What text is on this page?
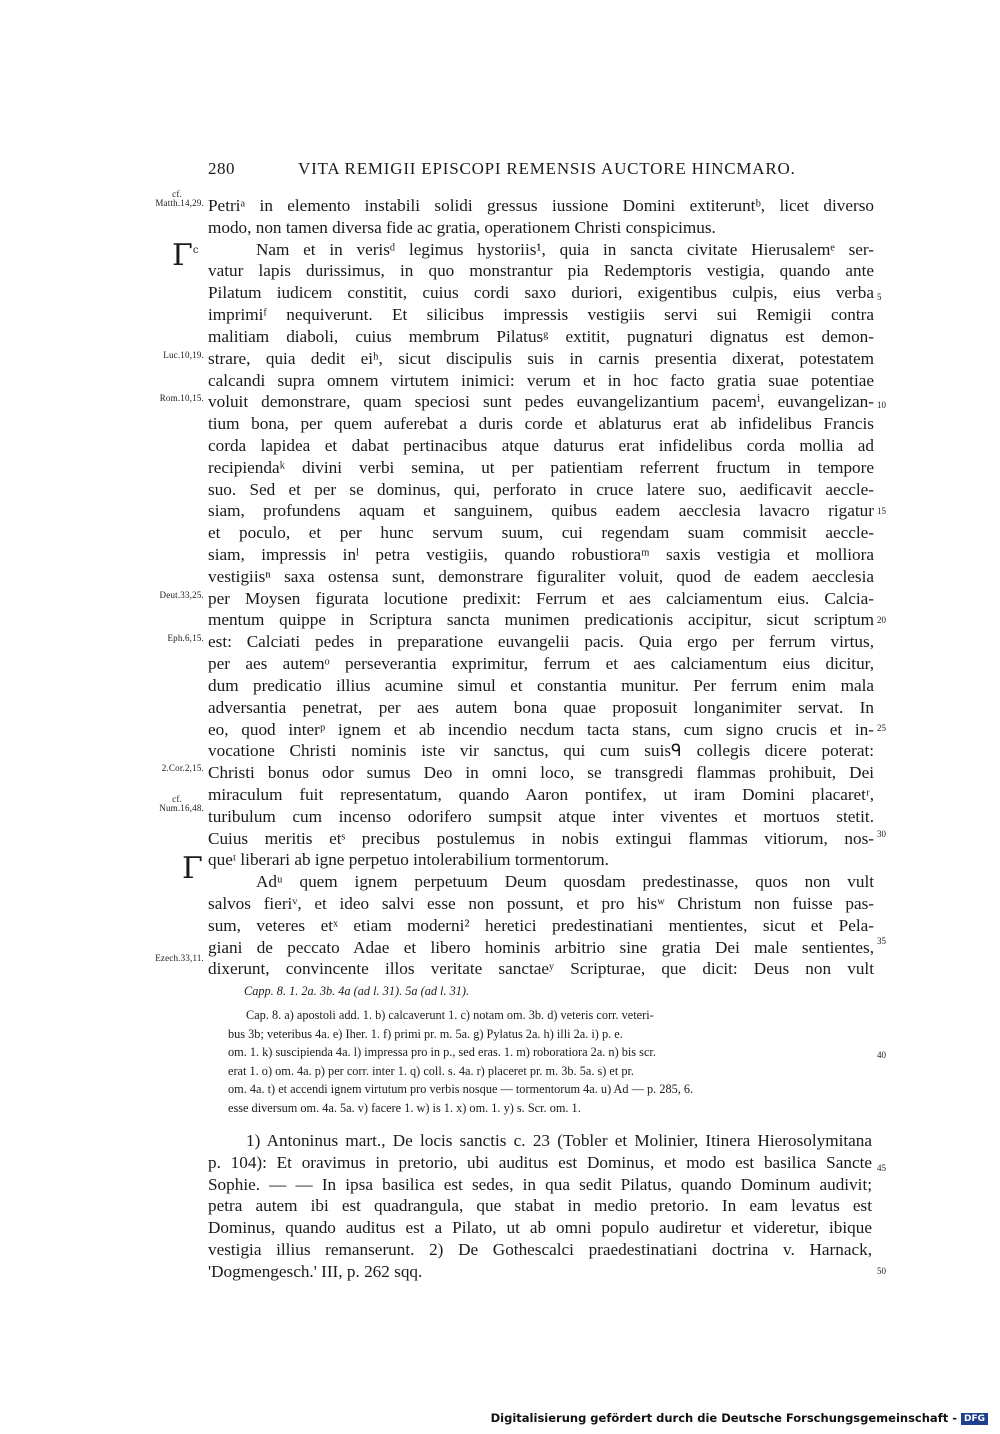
280	VITA REMIGII EPISCOPI REMENSIS AUCTORE HINCMARO.
Petriᵃ in elemento instabili solidi gressus iussione Domini extiteruntᵇ, licet diverso
modo, non tamen diversa fide ac gratia, operationem Christi conspicimus.
Nam et in verisᵈ legimus hystoriis¹, quia in sancta civitate Hierusalemᵉ ser-
vatur lapis durissimus, in quo monstrantur pia Redemptoris vestigia, quando ante
Pilatum iudicem constitit, cuius cordi saxo duriori, exigentibus culpis, eius verba
imprimiᶠ nequiverunt. Et silicibus impressis vestigiis servi sui Remigii contra
malitiam diaboli, cuius membrum Pilatusᵍ extitit, pugnaturi dignatus est demon-
strare, quia dedit eiʰ, sicut discipulis suis in carnis presentia dixerat, potestatem
calcandi supra omnem virtutem inimici: verum et in hoc facto gratia suae potentiae
voluit demonstrare, quam speciosi sunt pedes euvangelizantium pacemⁱ, euvangelizan-
tium bona, per quem auferebat a duris corde et ablaturus erat ab infidelibus Francis
corda lapidea et dabat pertinacibus atque daturus erat infidelibus corda mollia ad
recipiendaᵏ divini verbi semina, ut per patientiam referrent fructum in tempore
suo. Sed et per se dominus, qui, perforato in cruce latere suo, aedificavit aeccle-
siam, profundens aquam et sanguinem, quibus eadem aecclesia lavacro rigatur
et poculo, et per hunc servum suum, cui regendam suam commisit aeccle-
siam, impressis inˡ petra vestigiis, quando robustioraᵐ saxis vestigia et molliora
vestigiisⁿ saxa ostensa sunt, demonstrare figuraliter voluit, quod de eadem aecclesia
per Moysen figurata locutione predixit: Ferrum et aes calciamentum eius. Calcia-
mentum quippe in Scriptura sancta munimen predicationis accipitur, sicut scriptum
est: Calciati pedes in preparatione euvangelii pacis. Quia ergo per ferrum virtus,
per aes autemᵒ perseverantia exprimitur, ferrum et aes calciamentum eius dicitur,
dum predicatio illius acumine simul et constantia munitur. Per ferrum enim mala
adversantia penetrat, per aes autem bona quae proposuit longanimiter servat. In
eo, quod interᵖ ignem et ab incendio necdum tacta stans, cum signo crucis et in-
vocatione Christi nominis iste vir sanctus, qui cum suisᑫ collegis dicere poterat:
Christi bonus odor sumus Deo in omni loco, se transgredi flammas prohibuit, Dei
miraculum fuit representatum, quando Aaron pontifex, ut iram Domini placaretʳ,
turibulum cum incenso odorifero sumpsit atque inter viventes et mortuos stetit.
Cuius meritis etˢ precibus postulemus in nobis extingui flammas vitiorum, nos-
queᵗ liberari ab igne perpetuo intolerabilium tormentorum.
Adᵘ quem ignem perpetuum Deum quosdam predestinasse, quos non vult
salvos fieriᵛ, et ideo salvi esse non possunt, et pro hisʷ Christum non fuisse pas-
sum, veteres etˣ etiam moderni² heretici predestinatiani mentientes, sicut et Pela-
giani de peccato Adae et libero hominis arbitrio sine gratia Dei male sentientes,
dixerunt, convincente illos veritate sanctaeʸ Scripturae, que dicit: Deus non vult
cf.
Matth.14,29.
Luc.10,19.
Rom.10,15.
Deut.33,25.
Eph.6,15.
2.Cor.2,15.
cf.
Num.16,48.
Ezech.33,11.
$\Gamma^c$
Γ
5
10
15
20
25
30
35
40
45
50
Capp. 8. 1. 2a. 3b. 4a (ad l. 31). 5a (ad l. 31).
Cap. 8. a) apostoli add. 1. b) calcaverunt 1. c) notam om. 3b. d) veteris corr. veteri-
bus 3b; veteribus 4a. e) Iher. 1. f) primi pr. m. 5a. g) Pylatus 2a. h) illi 2a. i) p. e.
om. 1. k) suscipienda 4a. l) impressa pro in p., sed eras. 1. m) roboratiora 2a. n) bis scr.
erat 1. o) om. 4a. p) per corr. inter 1. q) coll. s. 4a. r) placeret pr. m. 3b. 5a. s) et pr.
om. 4a. t) et accendi ignem virtutum pro verbis nosque — tormentorum 4a. u) Ad — p. 285, 6.
esse diversum om. 4a. 5a. v) facere 1. w) is 1. x) om. 1. y) s. Scr. om. 1.
1) Antoninus mart., De locis sanctis c. 23 (Tobler et Molinier, Itinera Hierosolymitana
p. 104): Et oravimus in pretorio, ubi auditus est Dominus, et modo est basilica Sancte
Sophie. — — In ipsa basilica est sedes, in qua sedit Pilatus, quando Dominum audivit;
petra autem ibi est quadrangula, que stabat in medio pretorio. In eam levatus est
Dominus, quando auditus est a Pilato, ut ab omni populo audiretur et videretur, ibique
vestigia illius remanserunt. 2) De Gothescalci praedestinatiani doctrina v. Harnack,
'Dogmengesch.' III, p. 262 sqq.
Digitalisierung gefördert durch die Deutsche Forschungsgemeinschaft - DFG
